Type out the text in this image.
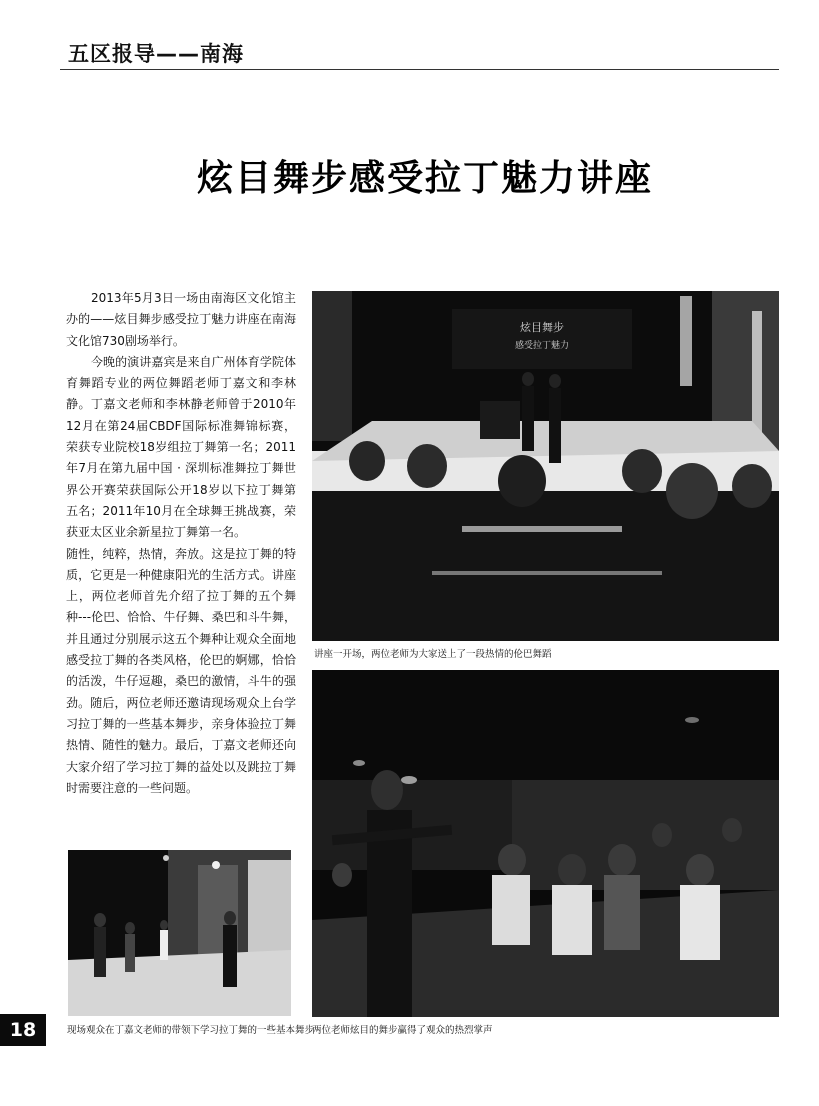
五区报导——南海
炫目舞步感受拉丁魅力讲座

2013年5月3日一场由南海区文化馆主办的——炫目舞步感受拉丁魅力讲座在南海文化馆730剧场举行。

今晚的演讲嘉宾是来自广州体育学院体育舞蹈专业的两位舞蹈老师丁嘉文和李林静。丁嘉文老师和李林静老师曾于2010年12月在第24届CBDF国际标准舞锦标赛，荣获专业院校18岁组拉丁舞第一名；2011年7月在第九届中国 · 深圳标准舞拉丁舞世界公开赛荣获国际公开18岁以下拉丁舞第五名；2011年10月在全球舞王挑战赛，荣获亚太区业余新星拉丁舞第一名。

随性，纯粹，热情，奔放。这是拉丁舞的特质，它更是一种健康阳光的生活方式。讲座上，两位老师首先介绍了拉丁舞的五个舞种---伦巴、恰恰、牛仔舞、桑巴和斗牛舞，并且通过分别展示这五个舞种让观众全面地感受拉丁舞的各类风格，伦巴的婀娜，恰恰的活泼，牛仔逗趣，桑巴的激情，斗牛的强劲。随后，两位老师还邀请现场观众上台学习拉丁舞的一些基本舞步，亲身体验拉丁舞热情、随性的魅力。最后，丁嘉文老师还向大家介绍了学习拉丁舞的益处以及跳拉丁舞时需要注意的一些问题。

炫目舞步
感受拉丁魅力
讲座一开场，两位老师为大家送上了一段热情的伦巴舞蹈
两位老师炫目的舞步赢得了观众的热烈掌声
现场观众在丁嘉文老师的带领下学习拉丁舞的一些基本舞步
18
